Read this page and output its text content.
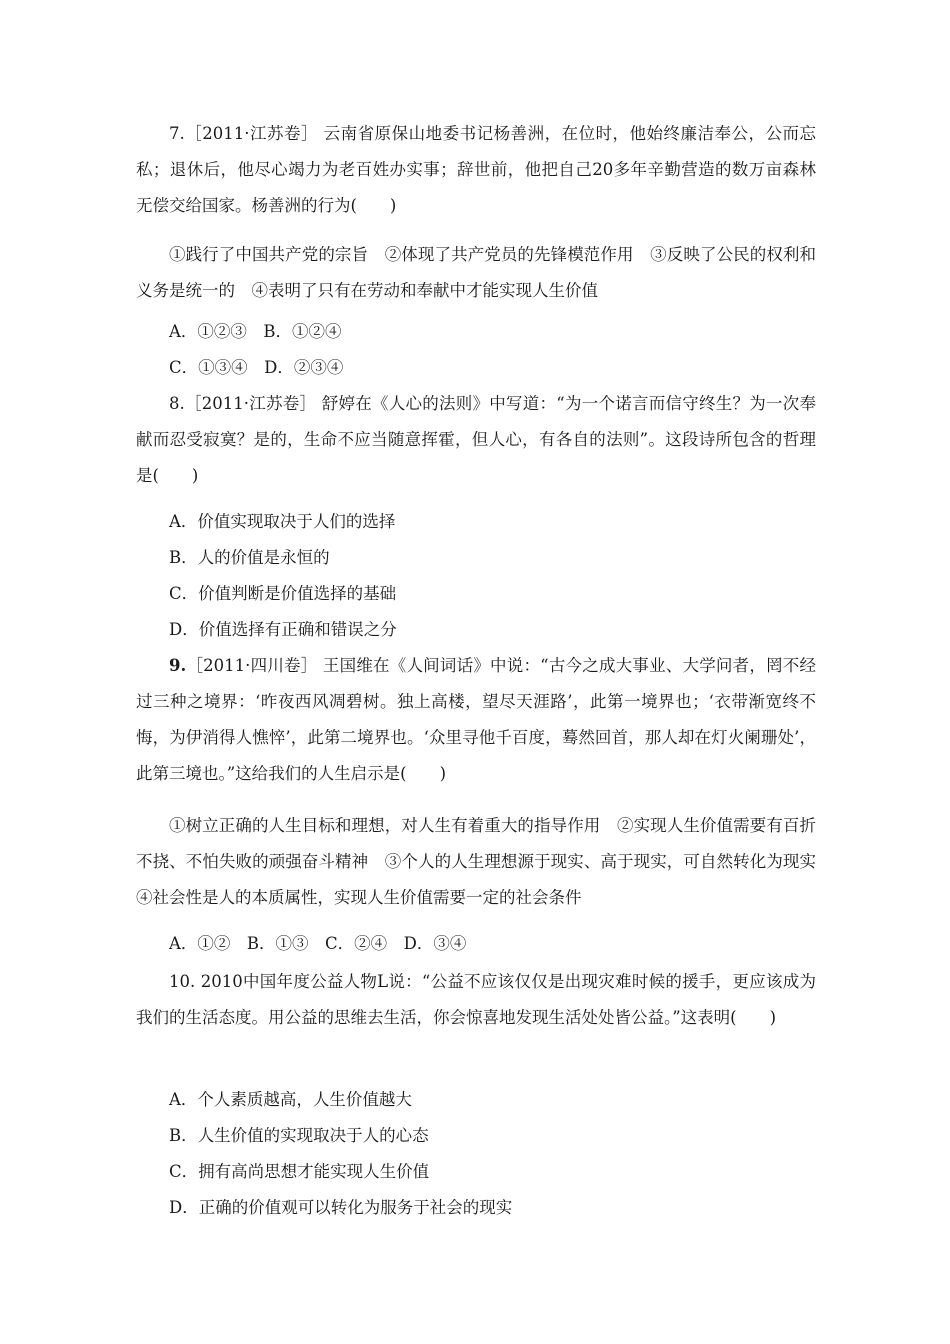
7.［2011·江苏卷］ 云南省原保山地委书记杨善洲，在位时，他始终廉洁奉公，公而忘私；退休后，他尽心竭力为老百姓办实事；辞世前，他把自己20多年辛勤营造的数万亩森林无偿交给国家。杨善洲的行为(　　)

①践行了中国共产党的宗旨　②体现了共产党员的先锋模范作用　③反映了公民的权利和义务是统一的　④表明了只有在劳动和奉献中才能实现人生价值

A．①②③　B．①②④

C．①③④　D．②③④

8.［2011·江苏卷］ 舒婷在《人心的法则》中写道：“为一个诺言而信守终生？为一次奉献而忍受寂寞？是的，生命不应当随意挥霍，但人心，有各自的法则”。这段诗所包含的哲理是(　　)

A．价值实现取决于人们的选择

B．人的价值是永恒的

C．价值判断是价值选择的基础

D．价值选择有正确和错误之分

9.［2011·四川卷］ 王国维在《人间词话》中说：“古今之成大事业、大学问者，罔不经过三种之境界：‘昨夜西风凋碧树。独上高楼，望尽天涯路’，此第一境界也；‘衣带渐宽终不悔，为伊消得人憔悴’，此第二境界也。‘众里寻他千百度，蓦然回首，那人却在灯火阑珊处’，此第三境也。”这给我们的人生启示是(　　)

①树立正确的人生目标和理想，对人生有着重大的指导作用　②实现人生价值需要有百折不挠、不怕失败的顽强奋斗精神　③个人的人生理想源于现实、高于现实，可自然转化为现实　④社会性是人的本质属性，实现人生价值需要一定的社会条件

A．①②　B．①③　C．②④　D．③④

10. 2010中国年度公益人物L说：“公益不应该仅仅是出现灾难时候的援手，更应该成为我们的生活态度。用公益的思维去生活，你会惊喜地发现生活处处皆公益。”这表明(　　)

A．个人素质越高，人生价值越大

B．人生价值的实现取决于人的心态

C．拥有高尚思想才能实现人生价值

D．正确的价值观可以转化为服务于社会的现实
